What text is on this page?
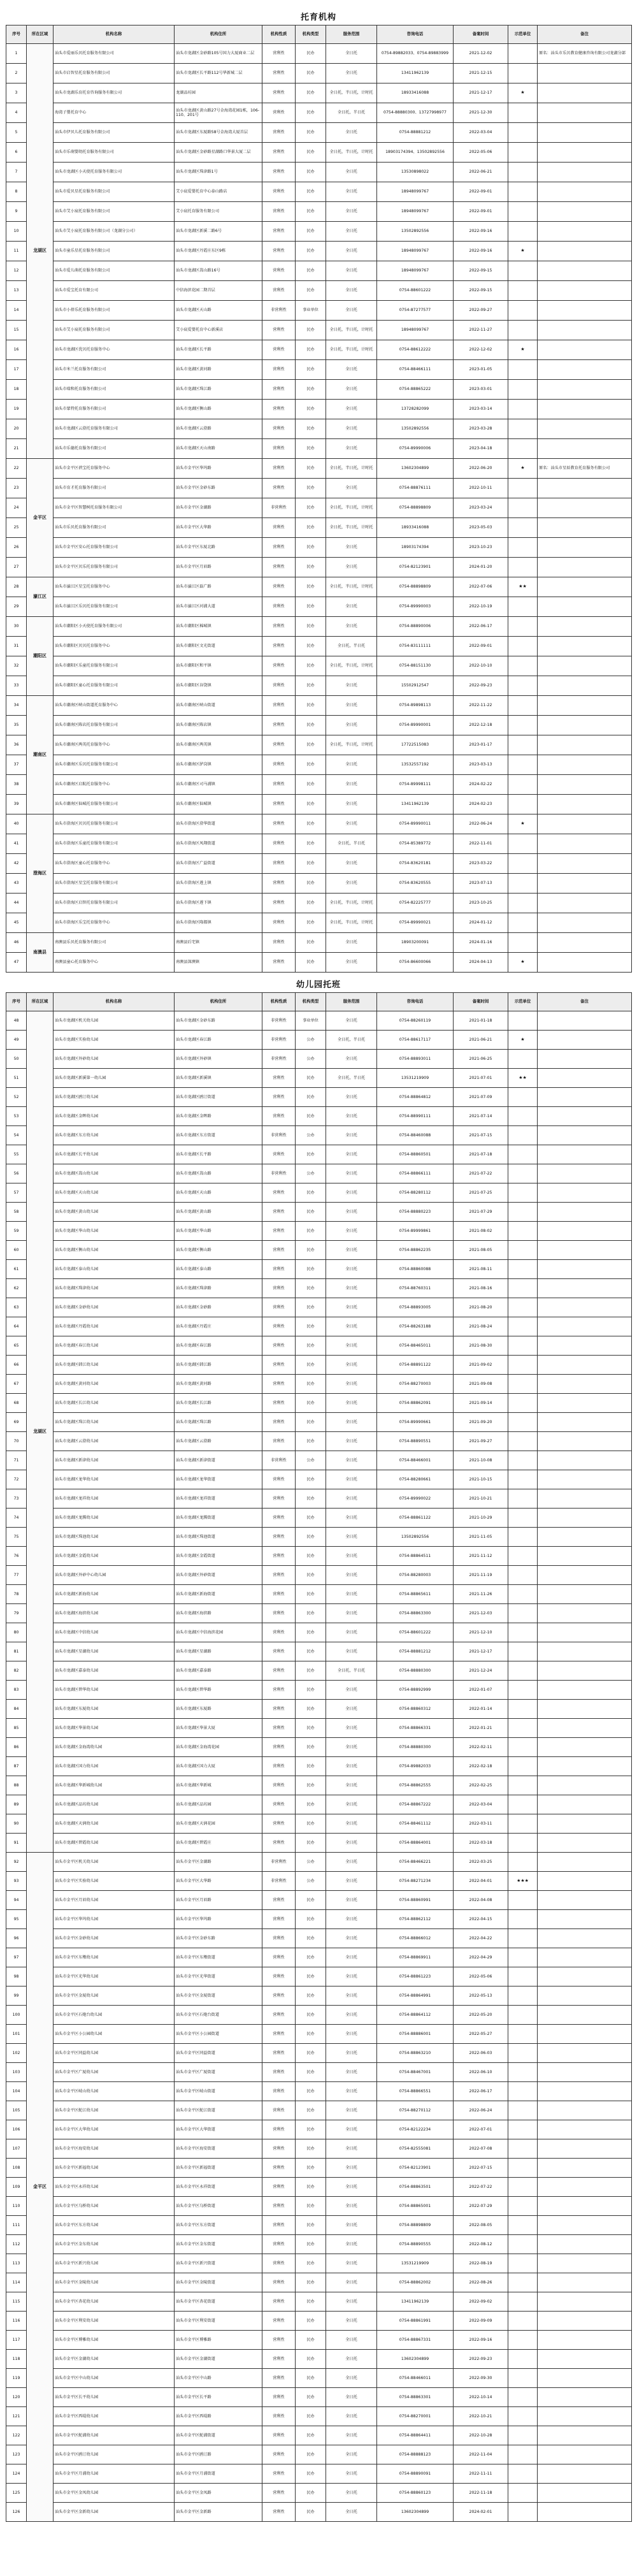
托育机构
序号	所在区域	机构名称	机构住所	机构性质	机构类型	服务范围	咨询电话	备案时间	示范单位	备注
1	龙湖区	汕头市爱丽乐贝托育服务有限公司	汕头市龙湖区金砂路105号国力大厦商业二层	营利性	民办	全日托	0754-89882033、0754-89883999	2021-12-02		原名：汕头市乐贝教育健康咨询有限公司龙湖分部
2		汕头市启智星托育服务有限公司	汕头市龙湖区长平路112号华新城二层	营利性	民办	全日托	13411962139	2021-12-15		
3		汕头市龙湖乐育托育咨询服务有限公司	龙湖品坊园	营利性	民办	全日托，半日托，计时托	18933416088	2021-12-17	★	
4		海湾子婴托育中心	汕头市龙湖区黄山路27号金海湾花园1栋，106-110、201号	营利性	民办	全日托，半日托	0754-88880300、13727998977	2021-12-30		
5		汕头市伊贝儿托育服务有限公司	汕头市龙湖区东厦路58号金海湾大厦首层	营利性	民办	全日托	0754-88881212	2022-03-04		
6		汕头市乐萌婴幼托育服务有限公司	汕头市龙湖区金砂路星湖路口华景大厦二层	营利性	民办	全日托，半日托，计时托	18903174394、13502892556	2022-05-06		
7		汕头市龙湖区小天使托育服务有限公司	汕头市龙湖区珠津路1号	营利性	民办	全日托	13530898022	2022-06-21		
8		汕头市爱贝星托育服务有限公司	艾小宸爱婴托育中心泰山路店	营利性	民办	全日托	18948099767	2022-09-01		
9		汕头市艾小宸托育服务有限公司	艾小宸托育服务有限公司	营利性	民办	全日托	18948099767	2022-09-01		
10		汕头市艾小宸托育服务有限公司（龙湖分公司）	汕头市龙湖区新溪二路6号	营利性	民办	全日托	13502892556	2022-09-16		
11		汕头市童乐星托育服务有限公司	汕头市龙湖区丹霞庄东区9栋	营利性	民办	全日托	18948099767	2022-09-16	★	
12		汕头市爱儿萌托育服务有限公司	汕头市龙湖区嵩山路16号	营利性	民办	全日托	18948099767	2022-09-15		
13		汕头市爱宝托育有限公司	中信海滨花园二期首层	营利性	民办	全日托	0754-88601222	2022-09-15		
14		汕头市小蓓乐托育服务有限公司	汕头市龙湖区天山路	非营利性	事业单位	全日托	0754-87277577	2022-09-27		
15		汕头市艾小宸托育服务有限公司	艾小宸爱婴托育中心新溪店	营利性	民办	全日托，半日托，计时托	18948099767	2022-11-27		
16		汕头市龙湖区优贝托育服务中心	汕头市龙湖区长平路	营利性	民办	全日托，半日托，计时托	0754-88612222	2022-12-02	★	
17		汕头市米兰托育服务有限公司	汕头市龙湖区黄河路	营利性	民办	全日托	0754-88466111	2023-01-05		
18		汕头市瑞和托育服务有限公司	汕头市龙湖区珠江路	营利性	民办	全日托	0754-88865222	2023-03-01		
19		汕头市蒙特托育服务有限公司	汕头市龙湖区衡山路	营利性	民办	全日托	13728282099	2023-03-14		
20		汕头市龙湖区云澄托育服务有限公司	汕头市龙湖区云澄路	营利性	民办	全日托	13502892556	2023-03-28		
21		汕头市乐德托育服务有限公司	汕头市龙湖区天山南路	营利性	民办	全日托	0754-89990006	2023-04-18		
22	金平区	汕头市金平区蓓宝托育服务中心	汕头市金平区华坞路	营利性	民办	全日托，半日托，计时托	13602304899	2022-06-20	★	原名：汕头市星辰教育托育服务有限公司
23		汕头市育才托育服务有限公司	汕头市金平区金砂东路	营利性	民办	全日托	0754-88876111	2022-10-11		
24		汕头市金平区智慧树托育服务有限公司	汕头市金平区金湖路	非营利性	民办	全日托，半日托，计时托	0754-88898809	2023-03-24		
25		汕头市乐贝托育服务有限公司	汕头市金平区大华路	营利性	民办	全日托，半日托，计时托	18933416088	2023-05-03		
26		汕头市金平区安心托育服务有限公司	汕头市金平区东厦北路	营利性	民办	全日托	18903174394	2023-10-23		
27		汕头市金平区贝乐托育服务有限公司	汕头市金平区月眉路	营利性	民办	全日托	0754-82123901	2024-01-20		
28	濠江区	汕头市濠江区星宝托育服务中心	汕头市濠江区磊广路	营利性	民办	全日托，半日托，计时托	0754-88898809	2022-07-06	★★	
29		汕头市濠江区乐贝托育服务有限公司	汕头市濠江区河浦大道	营利性	民办	全日托	0754-89990003	2022-10-19		
30	潮阳区	汕头市潮阳区小天使托育服务有限公司	汕头市潮阳区棉城镇	营利性	民办	全日托	0754-88890006	2022-06-17		
31		汕头市潮阳区贝贝托育服务中心	汕头市潮阳区文光街道	营利性	民办	全日托，半日托	0754-83111111	2022-09-01		
32		汕头市潮阳区乐童托育服务有限公司	汕头市潮阳区和平镇	营利性	民办	全日托，半日托，计时托	0754-88151130	2022-10-10		
33		汕头市潮阳区童心托育服务有限公司	汕头市潮阳区谷饶镇	营利性	民办	全日托	15502912547	2022-09-23		
34	潮南区	汕头市潮南区峡山街道托育服务中心	汕头市潮南区峡山街道	营利性	民办	全日托	0754-89898113	2022-11-22		
35		汕头市潮南区陈店托育服务有限公司	汕头市潮南区陈店镇	营利性	民办	全日托	0754-89990001	2022-12-18		
36		汕头市潮南区两英托育服务中心	汕头市潮南区两英镇	营利性	民办	全日托，半日托，计时托	17722515083	2023-01-17		
37		汕头市潮南区乐贝托育服务有限公司	汕头市潮南区胪岗镇	营利性	民办	全日托	13532557192	2023-03-13		
38		汕头市潮南区启航托育服务中心	汕头市潮南区司马浦镇	营利性	民办	全日托	0754-89998111	2024-02-22		
39		汕头市潮南区仙城托育服务有限公司	汕头市潮南区仙城镇	营利性	民办	全日托	13411962139	2024-02-23		
40	澄海区	汕头市澄海区贝贝托育服务有限公司	汕头市澄海区澄华街道	营利性	民办	全日托	0754-89990011	2022-06-24	★	
41		汕头市澄海区乐童托育服务有限公司	汕头市澄海区凤翔街道	营利性	民办	全日托，半日托	0754-85389772	2022-11-01		
42		汕头市澄海区童心托育服务中心	汕头市澄海区广益街道	营利性	民办	全日托	0754-83620181	2023-03-22		
43		汕头市澄海区星宝托育服务有限公司	汕头市澄海区莲上镇	营利性	民办	全日托	0754-83620555	2023-07-13		
44		汕头市澄海区启智托育服务有限公司	汕头市澄海区莲下镇	营利性	民办	全日托，半日托，计时托	0754-82225777	2023-10-25		
45		汕头市澄海区乐宝托育服务中心	汕头市澄海区隆都镇	营利性	民办	全日托，半日托，计时托	0754-89990021	2024-01-12		
46	南澳县	南澳县乐贝托育服务有限公司	南澳县后宅镇	营利性	民办	全日托	18903200091	2024-01-16		
47		南澳县童心托育服务中心	南澳县深澳镇	营利性	民办	全日托	0754-86600066	2024-04-13	★	
幼儿园托班
序号	所在区域	机构名称	机构住所	机构性质	机构类型	服务范围	咨询电话	备案时间	示范单位	备注
48	龙湖区	汕头市龙湖区机关幼儿园	汕头市龙湖区金砂东路	非营利性	事业单位	全日托	0754-88260119	2021-01-18		
49		汕头市龙湖区实验幼儿园	汕头市龙湖区春江路	非营利性	公办	全日托，半日托	0754-88617117	2021-06-21	★	
50		汕头市龙湖区外砂幼儿园	汕头市龙湖区外砂镇	非营利性	公办	全日托	0754-88893011	2021-06-25		
51		汕头市龙湖区新溪第一幼儿园	汕头市龙湖区新溪镇	营利性	民办	全日托，半日托	13531219909	2021-07-01	★★	
52		汕头市龙湖区鸥汀幼儿园	汕头市龙湖区鸥汀街道	营利性	民办	全日托	0754-88864812	2021-07-09		
53		汕头市龙湖区金晖幼儿园	汕头市龙湖区金晖路	营利性	民办	全日托	0754-88990111	2021-07-14		
54		汕头市龙湖区东方幼儿园	汕头市龙湖区东方街道	非营利性	公办	全日托	0754-88460088	2021-07-15		
55		汕头市龙湖区长平幼儿园	汕头市龙湖区长平路	营利性	民办	全日托	0754-88860501	2021-07-18		
56		汕头市龙湖区嵩山幼儿园	汕头市龙湖区嵩山路	非营利性	公办	全日托	0754-88866111	2021-07-22		
57		汕头市龙湖区天山幼儿园	汕头市龙湖区天山路	营利性	民办	全日托	0754-88280112	2021-07-25		
58		汕头市龙湖区黄山幼儿园	汕头市龙湖区黄山路	营利性	民办	全日托	0754-88880223	2021-07-29		
59		汕头市龙湖区华山幼儿园	汕头市龙湖区华山路	营利性	民办	全日托	0754-89999861	2021-08-02		
60		汕头市龙湖区衡山幼儿园	汕头市龙湖区衡山路	营利性	民办	全日托	0754-88862235	2021-08-05		
61		汕头市龙湖区泰山幼儿园	汕头市龙湖区泰山路	营利性	民办	全日托	0754-88860088	2021-08-11		
62		汕头市龙湖区珠津幼儿园	汕头市龙湖区珠津路	营利性	民办	全日托	0754-88760311	2021-08-16		
63		汕头市龙湖区金砂幼儿园	汕头市龙湖区金砂路	营利性	民办	全日托	0754-88893005	2021-08-20		
64		汕头市龙湖区丹霞幼儿园	汕头市龙湖区丹霞庄	营利性	民办	全日托	0754-88263188	2021-08-24		
65		汕头市龙湖区春江幼儿园	汕头市龙湖区春江路	营利性	民办	全日托	0754-88465011	2021-08-30		
66		汕头市龙湖区韩江幼儿园	汕头市龙湖区韩江路	营利性	民办	全日托	0754-88891122	2021-09-02		
67		汕头市龙湖区黄河幼儿园	汕头市龙湖区黄河路	营利性	民办	全日托	0754-88270003	2021-09-08		
68		汕头市龙湖区长江幼儿园	汕头市龙湖区长江路	营利性	民办	全日托	0754-88862091	2021-09-14		
69		汕头市龙湖区珠江幼儿园	汕头市龙湖区珠江路	营利性	民办	全日托	0754-89990661	2021-09-20		
70		汕头市龙湖区云澄幼儿园	汕头市龙湖区云澄路	营利性	民办	全日托	0754-88890551	2021-09-27		
71		汕头市龙湖区新津幼儿园	汕头市龙湖区新津街道	非营利性	公办	全日托	0754-88466001	2021-10-08		
72		汕头市龙湖区龙华幼儿园	汕头市龙湖区龙华街道	营利性	民办	全日托	0754-88280661	2021-10-15		
73		汕头市龙湖区龙祥幼儿园	汕头市龙湖区龙祥街道	营利性	民办	全日托	0754-89990022	2021-10-21		
74		汕头市龙湖区龙腾幼儿园	汕头市龙湖区龙腾街道	营利性	民办	全日托	0754-88861122	2021-10-29		
75		汕头市龙湖区珠池幼儿园	汕头市龙湖区珠池街道	营利性	民办	全日托	13502892556	2021-11-05		
76		汕头市龙湖区金霞幼儿园	汕头市龙湖区金霞街道	营利性	民办	全日托	0754-88864511	2021-11-12		
77		汕头市龙湖区外砂中心幼儿园	汕头市龙湖区外砂街道	营利性	民办	全日托	0754-88280003	2021-11-19		
78		汕头市龙湖区新海幼儿园	汕头市龙湖区新海街道	营利性	民办	全日托	0754-88865611	2021-11-26		
79		汕头市龙湖区海滨幼儿园	汕头市龙湖区海滨路	营利性	民办	全日托	0754-88863300	2021-12-03		
80		汕头市龙湖区中信幼儿园	汕头市龙湖区中信海滨花园	营利性	民办	全日托	0754-88601222	2021-12-10		
81		汕头市龙湖区星湖幼儿园	汕头市龙湖区星湖路	营利性	民办	全日托	0754-88881212	2021-12-17		
82		汕头市龙湖区嘉泰幼儿园	汕头市龙湖区嘉泰路	营利性	民办	全日托，半日托	0754-88880300	2021-12-24		
83		汕头市龙湖区碧华幼儿园	汕头市龙湖区碧华路	营利性	民办	全日托	0754-88892999	2022-01-07		
84		汕头市龙湖区东厦幼儿园	汕头市龙湖区东厦路	营利性	民办	全日托	0754-88860312	2022-01-14		
85		汕头市龙湖区华景幼儿园	汕头市龙湖区华景大厦	营利性	民办	全日托	0754-88866331	2022-01-21		
86		汕头市龙湖区金海湾幼儿园	汕头市龙湖区金海湾花园	营利性	民办	全日托	0754-88880300	2022-02-11		
87		汕头市龙湖区国力幼儿园	汕头市龙湖区国力大厦	营利性	民办	全日托	0754-89882033	2022-02-18		
88		汕头市龙湖区华新城幼儿园	汕头市龙湖区华新城	营利性	民办	全日托	0754-88862555	2022-02-25		
89		汕头市龙湖区品坊幼儿园	汕头市龙湖区品坊园	营利性	民办	全日托	0754-88867222	2022-03-04		
90		汕头市龙湖区天润幼儿园	汕头市龙湖区天润花园	营利性	民办	全日托	0754-88461112	2022-03-11		
91		汕头市龙湖区碧霞幼儿园	汕头市龙湖区碧霞庄	营利性	民办	全日托	0754-88864001	2022-03-18		
92	金平区	汕头市金平区机关幼儿园	汕头市金平区金湖路	非营利性	公办	全日托	0754-88466221	2022-03-25		
93		汕头市金平区实验幼儿园	汕头市金平区大华路	非营利性	公办	全日托	0754-88271234	2022-04-01	★★★	
94		汕头市金平区月眉幼儿园	汕头市金平区月眉路	营利性	民办	全日托	0754-88860991	2022-04-08		
95		汕头市金平区华坞幼儿园	汕头市金平区华坞路	营利性	民办	全日托	0754-88862112	2022-04-15		
96		汕头市金平区金砂幼儿园	汕头市金平区金砂东路	营利性	民办	全日托	0754-88866012	2022-04-22		
97		汕头市金平区东墩幼儿园	汕头市金平区东墩街道	营利性	民办	全日托	0754-88869911	2022-04-29		
98		汕头市金平区光华幼儿园	汕头市金平区光华街道	营利性	民办	全日托	0754-88861223	2022-05-06		
99		汕头市金平区金厦幼儿园	汕头市金平区金厦街道	营利性	民办	全日托	0754-88864991	2022-05-13		
100		汕头市金平区石炮台幼儿园	汕头市金平区石炮台街道	营利性	民办	全日托	0754-88864112	2022-05-20		
101		汕头市金平区小公园幼儿园	汕头市金平区小公园街道	营利性	民办	全日托	0754-88886001	2022-05-27		
102		汕头市金平区同益幼儿园	汕头市金平区同益街道	营利性	民办	全日托	0754-88863210	2022-06-03		
103		汕头市金平区广厦幼儿园	汕头市金平区广厦街道	营利性	民办	全日托	0754-88467001	2022-06-10		
104		汕头市金平区岐山幼儿园	汕头市金平区岐山街道	营利性	民办	全日托	0754-88866551	2022-06-17		
105		汕头市金平区鮀江幼儿园	汕头市金平区鮀江街道	营利性	民办	全日托	0754-88270112	2022-06-24		
106		汕头市金平区大华幼儿园	汕头市金平区大华街道	营利性	民办	全日托	0754-82122234	2022-07-01		
107		汕头市金平区海安幼儿园	汕头市金平区海安街道	营利性	民办	全日托	0754-82555081	2022-07-08		
108		汕头市金平区新福幼儿园	汕头市金平区新福街道	营利性	民办	全日托	0754-82123901	2022-07-15		
109		汕头市金平区永祥幼儿园	汕头市金平区永祥街道	营利性	民办	全日托	0754-88863501	2022-07-22		
110		汕头市金平区乌桥幼儿园	汕头市金平区乌桥街道	营利性	民办	全日托	0754-88865001	2022-07-29		
111		汕头市金平区东方幼儿园	汕头市金平区东方街道	营利性	民办	全日托	0754-88898809	2022-08-05		
112		汕头市金平区金东幼儿园	汕头市金平区金东街道	营利性	民办	全日托	0754-88890555	2022-08-12		
113		汕头市金平区新兴幼儿园	汕头市金平区新兴街道	营利性	民办	全日托	13531219909	2022-08-19		
114		汕头市金平区金陵幼儿园	汕头市金平区金陵街道	营利性	民办	全日托	0754-88862002	2022-08-26		
115		汕头市金平区杏花幼儿园	汕头市金平区杏花街道	营利性	民办	全日托	13411962139	2022-09-02		
116		汕头市金平区利安幼儿园	汕头市金平区利安街道	营利性	民办	全日托	0754-88861991	2022-09-09		
117		汕头市金平区博雅幼儿园	汕头市金平区博雅路	营利性	民办	全日托	0754-88867331	2022-09-16		
118		汕头市金平区金湖幼儿园	汕头市金平区金湖街道	营利性	民办	全日托	13602304899	2022-09-23		
119		汕头市金平区中山幼儿园	汕头市金平区中山路	营利性	民办	全日托	0754-88466011	2022-09-30		
120		汕头市金平区长平幼儿园	汕头市金平区长平路	营利性	民办	全日托	0754-88863301	2022-10-14		
121		汕头市金平区西堤幼儿园	汕头市金平区西堤路	营利性	民办	全日托	0754-88270001	2022-10-21		
122		汕头市金平区鮀浦幼儿园	汕头市金平区鮀浦街道	营利性	民办	全日托	0754-88864411	2022-10-28		
123		汕头市金平区鸥汀幼儿园	汕头市金平区鸥汀路	营利性	民办	全日托	0754-88888123	2022-11-04		
124		汕头市金平区月浦幼儿园	汕头市金平区月浦街道	营利性	民办	全日托	0754-88890091	2022-11-11		
125		汕头市金平区金凤幼儿园	汕头市金平区金凤路	营利性	民办	全日托	0754-88860123	2022-11-18		
126		汕头市金平区金新幼儿园	汕头市金平区金新路	营利性	民办	全日托	13602304899	2024-02-01		
